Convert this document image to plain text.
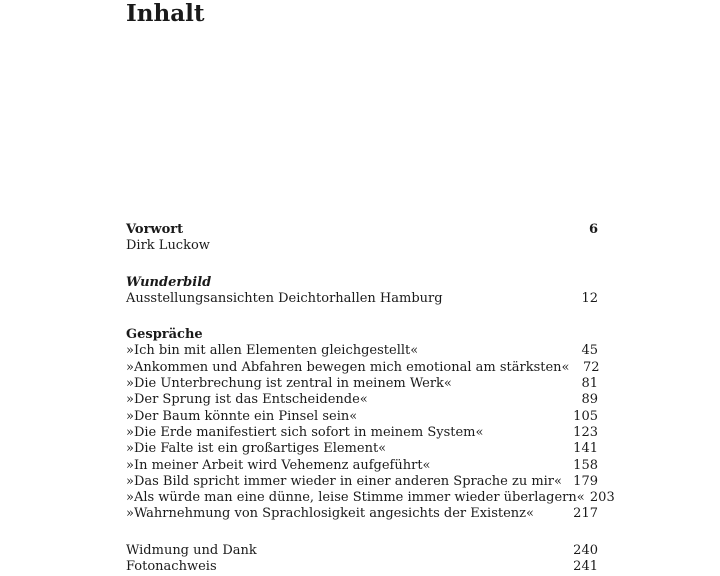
Inhalt
Vorwort	6
Dirk Luckow
Wunderbild
Ausstellungsansichten Deichtorhallen Hamburg	12
Gespräche
»Ich bin mit allen Elementen gleichgestellt«	45
»Ankommen und Abfahren bewegen mich emotional am stärksten«	72
»Die Unterbrechung ist zentral in meinem Werk«	81
»Der Sprung ist das Entscheidende«	89
»Der Baum könnte ein Pinsel sein«	105
»Die Erde manifestiert sich sofort in meinem System«	123
»Die Falte ist ein großartiges Element«	141
»In meiner Arbeit wird Vehemenz aufgeführt«	158
»Das Bild spricht immer wieder in einer anderen Sprache zu mir« 179
»Als würde man eine dünne, leise Stimme immer wieder überlagern« 203
»Wahrnehmung von Sprachlosigkeit angesichts der Existenz«	217
Widmung und Dank	240
Fotonachweis	241
